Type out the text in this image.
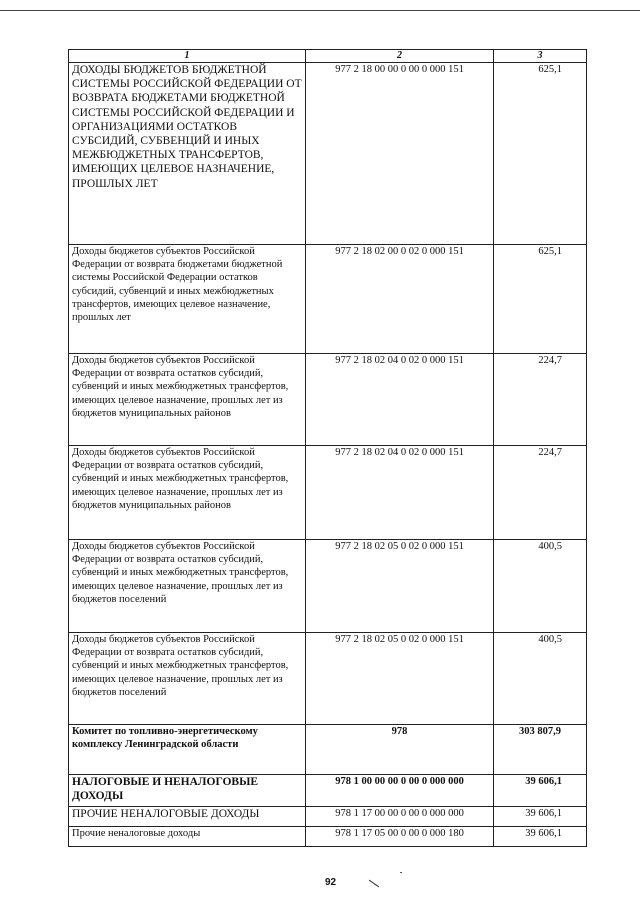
1	2	3
ДОХОДЫ БЮДЖЕТОВ БЮДЖЕТНОЙ СИСТЕМЫ РОССИЙСКОЙ ФЕДЕРАЦИИ ОТ ВОЗВРАТА БЮДЖЕТАМИ БЮДЖЕТНОЙ СИСТЕМЫ РОССИЙСКОЙ ФЕДЕРАЦИИ И ОРГАНИЗАЦИЯМИ ОСТАТКОВ СУБСИДИЙ, СУБВЕНЦИЙ И ИНЫХ МЕЖБЮДЖЕТНЫХ ТРАНСФЕРТОВ, ИМЕЮЩИХ ЦЕЛЕВОЕ НАЗНАЧЕНИЕ, ПРОШЛЫХ ЛЕТ	977 2 18 00 00 0 00 0 000 151	625,1
Доходы бюджетов субъектов Российской Федерации от возврата бюджетами бюджетной системы Российской Федерации остатков субсидий, субвенций и иных межбюджетных трансфертов, имеющих целевое назначение, прошлых лет	977 2 18 02 00 0 02 0 000 151	625,1
Доходы бюджетов субъектов Российской Федерации от возврата остатков субсидий, субвенций и иных межбюджетных трансфертов, имеющих целевое назначение, прошлых лет из бюджетов муниципальных районов	977 2 18 02 04 0 02 0 000 151	224,7
Доходы бюджетов субъектов Российской Федерации от возврата остатков субсидий, субвенций и иных межбюджетных трансфертов, имеющих целевое назначение, прошлых лет из бюджетов муниципальных районов	977 2 18 02 04 0 02 0 000 151	224,7
Доходы бюджетов субъектов Российской Федерации от возврата остатков субсидий, субвенций и иных межбюджетных трансфертов, имеющих целевое назначение, прошлых лет из бюджетов поселений	977 2 18 02 05 0 02 0 000 151	400,5
Доходы бюджетов субъектов Российской Федерации от возврата остатков субсидий, субвенций и иных межбюджетных трансфертов, имеющих целевое назначение, прошлых лет из бюджетов поселений	977 2 18 02 05 0 02 0 000 151	400,5
Комитет по топливно-энергетическому комплексу Ленинградской области	978	303 807,9
НАЛОГОВЫЕ И НЕНАЛОГОВЫЕ ДОХОДЫ	978 1 00 00 00 0 00 0 000 000	39 606,1
ПРОЧИЕ НЕНАЛОГОВЫЕ ДОХОДЫ	978 1 17 00 00 0 00 0 000 000	39 606,1
Прочие неналоговые доходы	978 1 17 05 00 0 00 0 000 180	39 606,1
92
